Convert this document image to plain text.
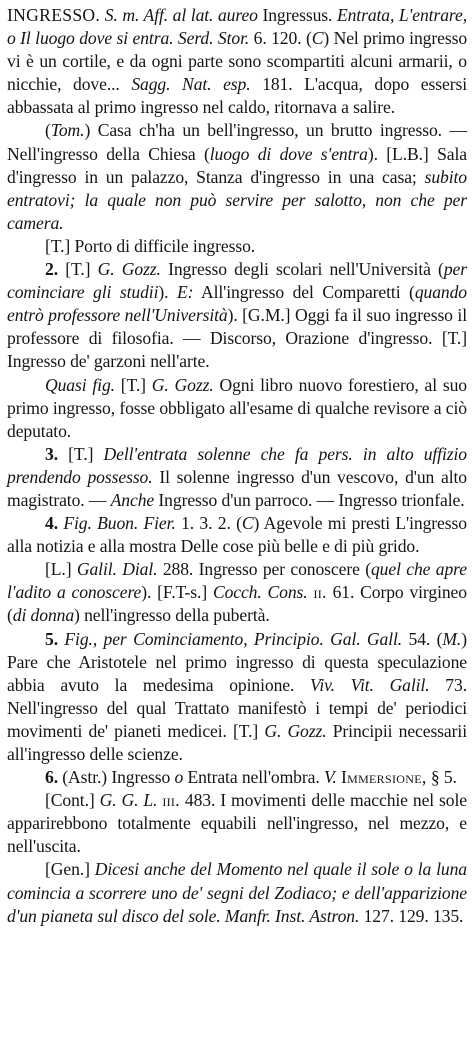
INGRESSO. S. m. Aff. al lat. aureo Ingressus. Entrata, L'entrare, o Il luogo dove si entra. Serd. Stor. 6. 120. (C) Nel primo ingresso vi è un cortile, e da ogni parte sono scompartiti alcuni armarii, o nicchie, dove... Sagg. Nat. esp. 181. L'acqua, dopo essersi abbassata al primo ingresso nel caldo, ritornava a salire.

(Tom.) Casa ch'ha un bell'ingresso, un brutto ingresso. — Nell'ingresso della Chiesa (luogo di dove s'entra). [L.B.] Sala d'ingresso in un palazzo, Stanza d'ingresso in una casa; subito entratovi; la quale non può servire per salotto, non che per camera.

[T.] Porto di difficile ingresso.

2. [T.] G. Gozz. Ingresso degli scolari nell'Università (per cominciare gli studii). E: All'ingresso del Comparetti (quando entrò professore nell'Università). [G.M.] Oggi fa il suo ingresso il professore di filosofia. — Discorso, Orazione d'ingresso. [T.] Ingresso de' garzoni nell'arte.

Quasi fig. [T.] G. Gozz. Ogni libro nuovo forestiero, al suo primo ingresso, fosse obbligato all'esame di qualche revisore a ciò deputato.

3. [T.] Dell'entrata solenne che fa pers. in alto uffizio prendendo possesso. Il solenne ingresso d'un vescovo, d'un alto magistrato. — Anche Ingresso d'un parroco. — Ingresso trionfale.

4. Fig. Buon. Fier. 1. 3. 2. (C) Agevole mi presti L'ingresso alla notizia e alla mostra Delle cose più belle e di più grido.

[L.] Galil. Dial. 288. Ingresso per conoscere (quel che apre l'adito a conoscere). [F.T-s.] Cocch. Cons. ii. 61. Corpo virgineo (di donna) nell'ingresso della pubertà.

5. Fig., per Cominciamento, Principio. Gal. Gall. 54. (M.) Pare che Aristotele nel primo ingresso di questa speculazione abbia avuto la medesima opinione. Viv. Vit. Galil. 73. Nell'ingresso del qual Trattato manifestò i tempi de' periodici movimenti de' pianeti medicei. [T.] G. Gozz. Principii necessarii all'ingresso delle scienze.

6. (Astr.) Ingresso o Entrata nell'ombra. V. Immersione, § 5.

[Cont.] G. G. L. iii. 483. I movimenti delle macchie nel sole apparirebbono totalmente equabili nell'ingresso, nel mezzo, e nell'uscita.

[Gen.] Dicesi anche del Momento nel quale il sole o la luna comincia a scorrere uno de' segni del Zodiaco; e dell'apparizione d'un pianeta sul disco del sole. Manfr. Inst. Astron. 127. 129. 135.
